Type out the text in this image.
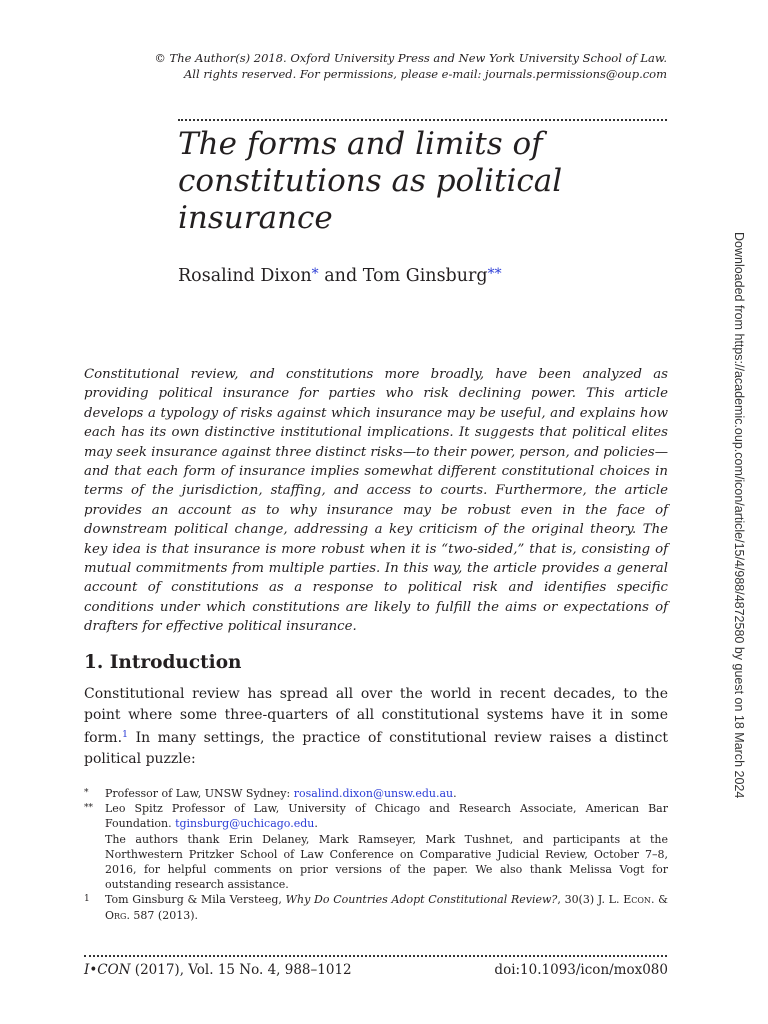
© The Author(s) 2018. Oxford University Press and New York University School of Law.
All rights reserved. For permissions, please e-mail: journals.permissions@oup.com
The forms and limits of constitutions as political insurance
Rosalind Dixon* and Tom Ginsburg**

Constitutional review, and constitutions more broadly, have been analyzed as providing political insurance for parties who risk declining power. This article develops a typology of risks against which insurance may be useful, and explains how each has its own distinctive institutional implications. It suggests that political elites may seek insurance against three distinct risks—to their power, person, and policies—and that each form of insurance implies somewhat different constitutional choices in terms of the jurisdiction, staffing, and access to courts. Furthermore, the article provides an account as to why insurance may be robust even in the face of downstream political change, addressing a key criticism of the original theory. The key idea is that insurance is more robust when it is “two-sided,” that is, consisting of mutual commitments from multiple parties. In this way, the article provides a general account of constitutions as a response to political risk and identifies specific conditions under which constitutions are likely to fulfill the aims or expectations of drafters for effective political insurance.

1. Introduction

Constitutional review has spread all over the world in recent decades, to the point where some three-quarters of all constitutional systems have it in some form.$^1$ In many settings, the practice of constitutional review raises a distinct political puzzle:

* Professor of Law, UNSW Sydney: rosalind.dixon@unsw.edu.au.
** Leo Spitz Professor of Law, University of Chicago and Research Associate, American Bar Foundation. tginsburg@uchicago.edu.
The authors thank Erin Delaney, Mark Ramseyer, Mark Tushnet, and participants at the Northwestern Pritzker School of Law Conference on Comparative Judicial Review, October 7–8, 2016, for helpful comments on prior versions of the paper. We also thank Melissa Vogt for outstanding research assistance.
1 Tom Ginsburg & Mila Versteeg, Why Do Countries Adopt Constitutional Review?, 30(3) J. L. Econ. & Org. 587 (2013).
I•CON (2017), Vol. 15 No. 4, 988–1012	doi:10.1093/icon/mox080
Downloaded from https://academic.oup.com/icon/article/15/4/988/4872580 by guest on 18 March 2024
